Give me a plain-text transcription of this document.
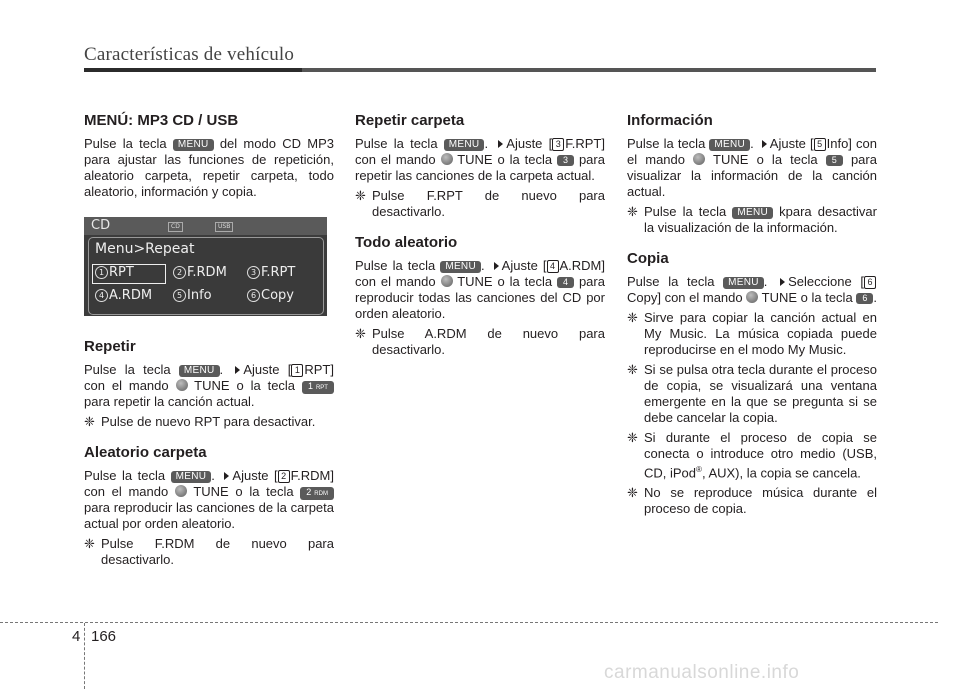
Características de vehículo
MENÚ: MP3 CD / USB

Pulse la tecla MENU del modo CD MP3 para ajustar las funciones de repetición, aleatorio carpeta, repetir carpeta, todo aleatorio, información y copia.

CD	CD	USB
Menu>Repeat
1 RPT	2 F.RDM	3 F.RPT
4 A.RDM	5 Info	6 Copy
Repetir

Pulse la tecla MENU . Ajuste [ 1 RPT] con el mando TUNE o la tecla 1 RPT para repetir la canción actual.

❈ Pulse de nuevo RPT para desactivar.
Aleatorio carpeta

Pulse la tecla MENU . Ajuste [ 2 F.RDM] con el mando TUNE o la tecla 2 RDM para reproducir las canciones de la carpeta actual por orden aleatorio.

❈ Pulse F.RDM de nuevo para desactivarlo.
Repetir carpeta

Pulse la tecla MENU . Ajuste [ 3 F.RPT] con el mando TUNE o la tecla 3 para repetir las canciones de la carpeta actual.

❈ Pulse F.RPT de nuevo para desactivarlo.
Todo aleatorio

Pulse la tecla MENU . Ajuste [ 4 A.RDM] con el mando TUNE o la tecla 4 para reproducir todas las canciones del CD por orden aleatorio.

❈ Pulse A.RDM de nuevo para desactivarlo.
Información

Pulse la tecla MENU . Ajuste [ 5 Info] con el mando TUNE o la tecla 5 para visualizar la información de la canción actual.

❈ Pulse la tecla MENU kpara desactivar la visualización de la información.
Copia

Pulse la tecla MENU . Seleccione [ 6Copy] con el mando TUNE o la tecla 6 .

❈ Sirve para copiar la canción actual en My Music. La música copiada puede reproducirse en el modo My Music.
❈ Si se pulsa otra tecla durante el proceso de copia, se visualizará una ventana emergente en la que se pregunta si se debe cancelar la copia.
❈ Si durante el proceso de copia se conecta o introduce otro medio (USB, CD, iPod®, AUX), la copia se cancela.
❈ No se reproduce música durante el proceso de copia.
4 166
carmanualsonline.info
